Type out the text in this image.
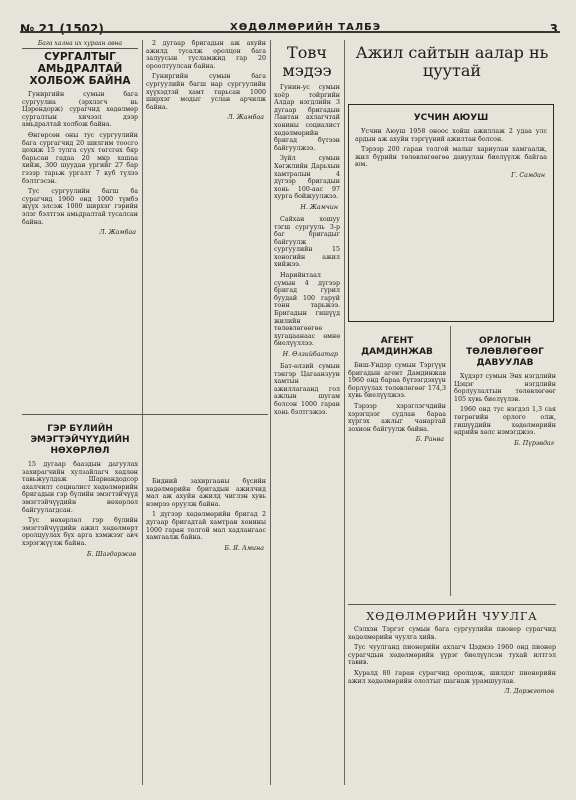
№ 21 (1502)	ХӨДӨЛМӨРИЙН ТАЛБЭ	3
Бага хална их хураан авна
СУРГАЛТЫГ АМЬДРАЛТАЙ ХОЛБОЖ БАЙНА

Гуниргийн сумын бага сургуулиа (эрхлэгч нь Цэрендорж) сурагчид хөдөлмөр сургалтын хичээл дээр амьдралтай холбож байна.

Өнгөрсөн оны тус сургуулийн бага сургагчид 20 шилгим тоосго цохиж 15 тулга суух төгсгөх бяр барьсан гадаа 20 мкр хашаа хийж, 300 шуудан ургийг 27 бар гэзэр тарьж ургалт 7 куб түлээ бэлтгэсэн.

Тус сургуулийн багш ба сурагчид 1960 онд 1000 түмбэ жүүх элсэж 1000 ширхэг гэрийн элэг бэлтгэн амьдралтай тусалсан байна.

Л. Жамбаа
ГЭР БҮЛИЙН ЭМЭГТЭЙЧҮҮДИЙН НӨХӨРЛӨЛ

15 дугаар бааздын дагуулах захирагчийн хулзайлагч хөдлөн тавьжуулдаж Шарвандодсор ахалчилт социалист хөдөлмөрийн бригадын гэр бүлийн эмэгтэйчүүд эмэгтэйчүүдийн нөхөрлөл байгуулагдсан.

Тус нөхөрлөл гэр бүлийн эмэгтэйчүүдийн ажил хөдөлмөрт оролцуулах бүх арга хэмжээг авч хэрэгжүүлж байна.

Б. Шагдаржав

2 дугаар бригадын аж ахуйн ажилд тусалж оролцон бага залуусын тусламжид гар 20 ороолтуулсан байна.

Гуниргийн сумын бага сургуулийн багш нар сургуулийн хүүхэдтэй хамт тарьсан 1000 ширхэг модыг услан арчилж байна.

Л. Жамбаа

Бидний захиргааны бүсийн хөдөлмөрийн бригадын ажилчид мал аж ахуйн ажилд чиглэн хувь нэмрээ оруулж байна.

1 дүгээр хөдөлмөрийн бригад 2 дугаар бригадтай хамтран хонины 1000 гаран толгой мал хадлангаас хамгаалж байна.

Б. Я. Амина
Товч мэдээ

Гунин-ус сумын хоёр тойргийн Алдар нэгдлийн 3 дугаар бригадын Лантан ахлагчтай хонины социалист хөдөлмөрийн бригад бүтээн байгуулжээ.

Зүйл сумын Хөгжлийн Дарьхын хамтралын 4 дүгээр бригадын хонь 100-аас 97 хурга бойжуулжээ.

Н. Жамчин

Сайхан хошуу тэгш сургууль 3-р баг бригадыг байгуулж сургуулийн 15 хоногийн ажил хийжээ.

Нарийнтаал сумын 4 дүгээр бригад гурил буудай 100 гаруй тонн тарьжээ. Бригадын гишүүд жилийн төлөвлөгөөгөө хугацаанаас өмнө биелүүллээ.

Н. Өлзийбаатар

Бат-өлзий сумын тэнгэр Цагаанзуун хамтын ажиллагаанд гол ажлын шугам болсон 1000 гаран хонь бэлтгэжээ.

Ажил сайтын аалар нь цуутай
УСЧИН АЮУШ

Усчин Аюуш 1958 оноос хойш ажиллаж 2 удаа улс ардын аж ахуйн тэргүүний ажилтан болсон.

Тэрээр 200 гаран толгой малыг хариулан хамгаалж, жил бүрийн төлөвлөгөөгөө давуулан биелүүлж байгаа юм.

Г. Самдан
АГЕНТ ДАМДИНЖАВ

Биш-Ундэр сумын Тэргүүн бригадын агент Дамдинжав 1960 онд бараа бүтээгдэхүүн борлуулах төлөвлөгөөг 174,3 хувь биелүүлжээ.

Тэрээр хэрэглэгчдийн хэрэгцээг судлан бараа хүргэх ажлыг чанартай зохион байгуулж байна.

Б. Ранва
ОРЛОГЫН ТӨЛӨВЛӨГӨӨГ ДАВУУЛАВ

Хүдэрт сумын Энх нэгдлийн Цэцэг нэгдлийн борлуулалтын төлөвлөгөөг 105 хувь биелүүлэв.

1960 онд тус нэгдэл 1,3 сая төгрөгийн орлого олж, гишүүдийн хөдөлмөрийн өдрийн хөлс нэмэгджээ.

Б. Пүрэвдаг
ХӨДӨЛМӨРИЙН ЧУУЛГА

Сэлхэн Тэргэт сумын бага сургуулийн пионер сурагчид хөдөлмөрийн чуулга хийв.

Тус чуулганд пионерийн ахлагч Цэдмээ 1960 онд пионер сурагчдын хөдөлмөрийн үүрэг биелүүлсэн тухай илтгэл тавив.

Хуралд 80 гаран сурагчид оролцож, шилдэг пионерийн ажил хөдөлмөрийн ололтыг шагнаж урамшуулав.

Л. Доржготов
